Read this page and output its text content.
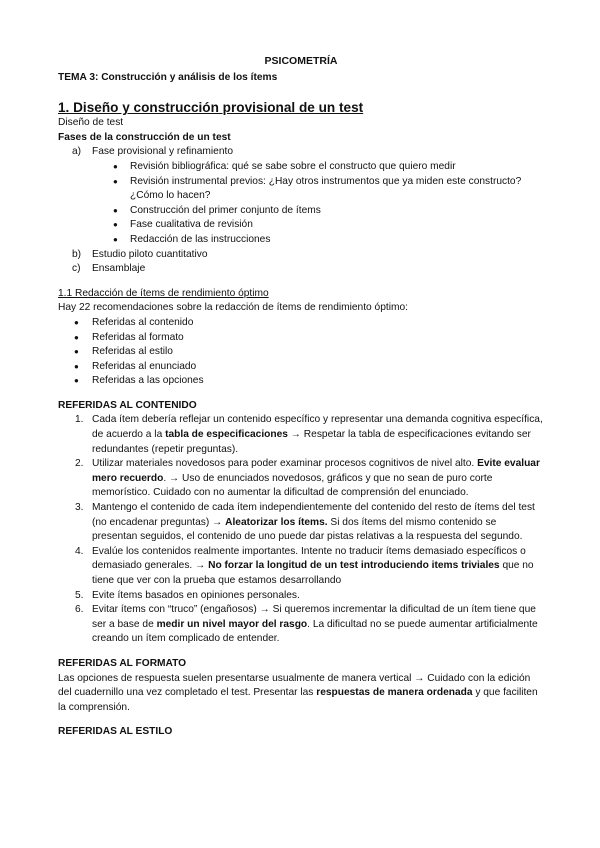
PSICOMETRÍA
TEMA 3: Construcción y análisis de los ítems
1. Diseño y construcción provisional de un test
Diseño de test
Fases de la construcción de un test
a) Fase provisional y refinamiento
● Revisión bibliográfica: qué se sabe sobre el constructo que quiero medir
● Revisión instrumental previos: ¿Hay otros instrumentos que ya miden este constructo?¿Cómo lo hacen?
● Construcción del primer conjunto de ítems
● Fase cualitativa de revisión
● Redacción de las instrucciones
b) Estudio piloto cuantitativo
c) Ensamblaje
1.1 Redacción de ítems de rendimiento óptimo
Hay 22 recomendaciones sobre la redacción de ítems de rendimiento óptimo:
● Referidas al contenido
● Referidas al formato
● Referidas al estilo
● Referidas al enunciado
● Referidas a las opciones
REFERIDAS AL CONTENIDO
1. Cada ítem debería reflejar un contenido específico y representar una demanda cognitiva específica, de acuerdo a la tabla de especificaciones → Respetar la tabla de especificaciones evitando ser redundantes (repetir preguntas).
2. Utilizar materiales novedosos para poder examinar procesos cognitivos de nivel alto. Evite evaluar mero recuerdo. → Uso de enunciados novedosos, gráficos y que no sean de puro corte memorístico. Cuidado con no aumentar la dificultad de comprensión del enunciado.
3. Mantengo el contenido de cada ítem independientemente del contenido del resto de ítems del test (no encadenar preguntas) → Aleatorizar los ítems. Si dos ítems del mismo contenido se presentan seguidos, el contenido de uno puede dar pistas relativas a la respuesta del segundo.
4. Evalúe los contenidos realmente importantes. Intente no traducir ítems demasiado específicos o demasiado generales. → No forzar la longitud de un test introduciendo items triviales que no tiene que ver con la prueba que estamos desarrollando
5. Evite ítems basados en opiniones personales.
6. Evitar ítems con “truco” (engañosos) → Si queremos incrementar la dificultad de un ítem tiene que ser a base de medir un nivel mayor del rasgo. La dificultad no se puede aumentar artificialmente creando un ítem complicado de entender.
REFERIDAS AL FORMATO
Las opciones de respuesta suelen presentarse usualmente de manera vertical → Cuidado con la edición del cuadernillo una vez completado el test. Presentar las respuestas de manera ordenada y que faciliten la comprensión.
REFERIDAS AL ESTILO
